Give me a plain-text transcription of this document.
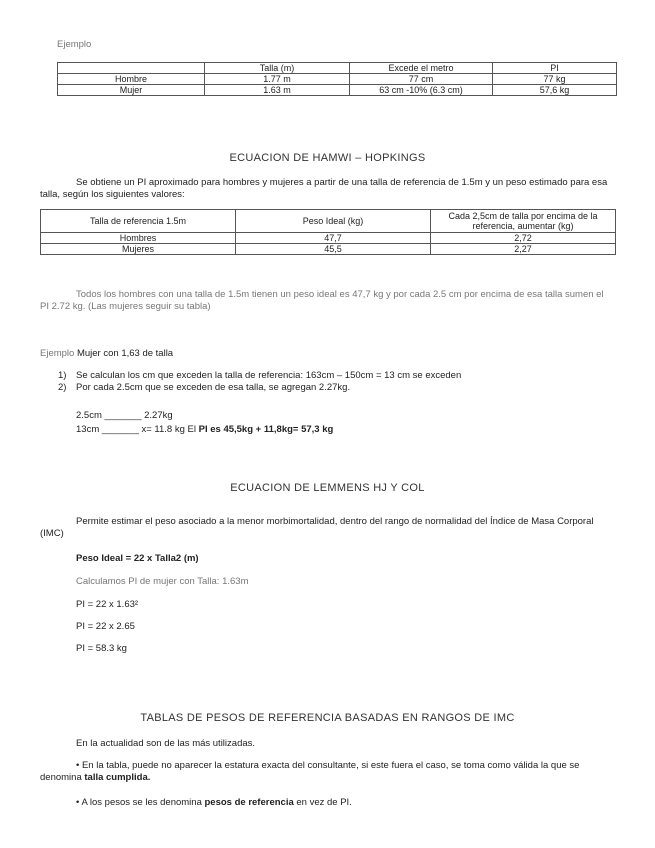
Ejemplo
	Talla (m)	Excede el metro	PI
Hombre	1.77 m	77 cm	77 kg
Mujer	1.63 m	63 cm -10% (6.3 cm)	57,6 kg
ECUACION DE HAMWI – HOPKINGS
Se obtiene un PI aproximado para hombres y mujeres a partir de una talla de referencia de 1.5m y un peso estimado para esa talla, según los siguientes valores:
Talla de referencia 1.5m	Peso Ideal (kg)	Cada 2,5cm de talla por encima de la referencia, aumentar (kg)
Hombres	47,7	2,72
Mujeres	45,5	2,27
Todos los hombres con una talla de 1.5m tienen un peso ideal es 47,7 kg y por cada 2.5 cm por encima de esa talla sumen el PI 2.72 kg. (Las mujeres seguir su tabla)
Ejemplo Mujer con 1,63 de talla
1) Se calculan los cm que exceden la talla de referencia: 163cm – 150cm = 13 cm se exceden
2) Por cada 2.5cm que se exceden de esa talla, se agregan 2.27kg.
2.5cm _______ 2.27kg
13cm _______ x= 11.8 kg El PI es 45,5kg + 11,8kg= 57,3 kg
ECUACION DE LEMMENS HJ Y COL
Permite estimar el peso asociado a la menor morbimortalidad, dentro del rango de normalidad del Índice de Masa Corporal (IMC)
Peso Ideal = 22 x Talla2 (m)
Calculamos PI de mujer con Talla: 1.63m
PI = 22 x 1.63²
PI = 22 x 2.65
PI = 58.3 kg
TABLAS DE PESOS DE REFERENCIA BASADAS EN RANGOS DE IMC
En la actualidad son de las más utilizadas.
• En la tabla, puede no aparecer la estatura exacta del consultante, si este fuera el caso, se toma como válida la que se denomina talla cumplida.
• A los pesos se les denomina pesos de referencia en vez de PI.
